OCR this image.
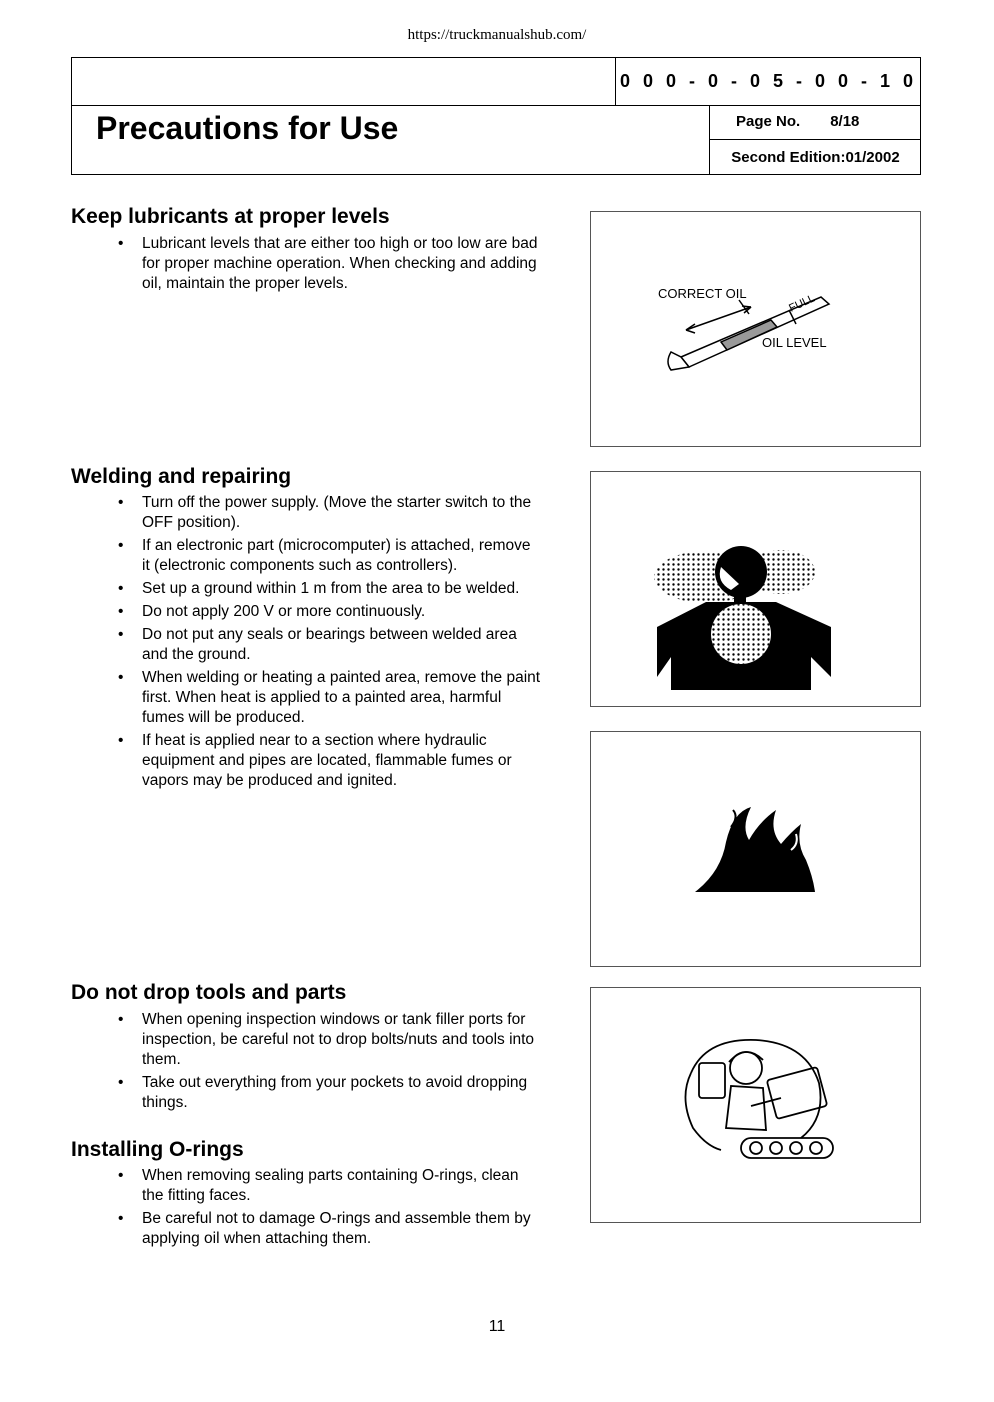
https://truckmanualshub.com/
0 0 0 - 0 - 0 5 - 0 0 - 1 0
Precautions for Use	Page No. 8/18
Second Edition:01/2002
Keep lubricants at proper levels
• Lubricant levels that are either too high or too low are bad for proper machine operation. When checking and adding oil, maintain the proper levels.
Welding and repairing
• Turn off the power supply. (Move the starter switch to the OFF position).
• If an electronic part (microcomputer) is attached, remove it (electronic components such as controllers).
• Set up a ground within 1 m from the area to be welded.
• Do not apply 200 V or more continuously.
• Do not put any seals or bearings between welded area and the ground.
• When welding or heating a painted area, remove the paint first. When heat is applied to a painted area, harmful fumes will be produced.
• If heat is applied near to a section where hydraulic equipment and pipes are located, flammable fumes or vapors may be produced and ignited.
Do not drop tools and parts
• When opening inspection windows or tank filler ports for inspection, be careful not to drop bolts/nuts and tools into them.
• Take out everything from your pockets to avoid dropping things.
Installing O-rings
• When removing sealing parts containing O-rings, clean the fitting faces.
• Be careful not to damage O-rings and assemble them by applying oil when attaching them.
CORRECT OIL
OIL LEVEL
FULL
11
